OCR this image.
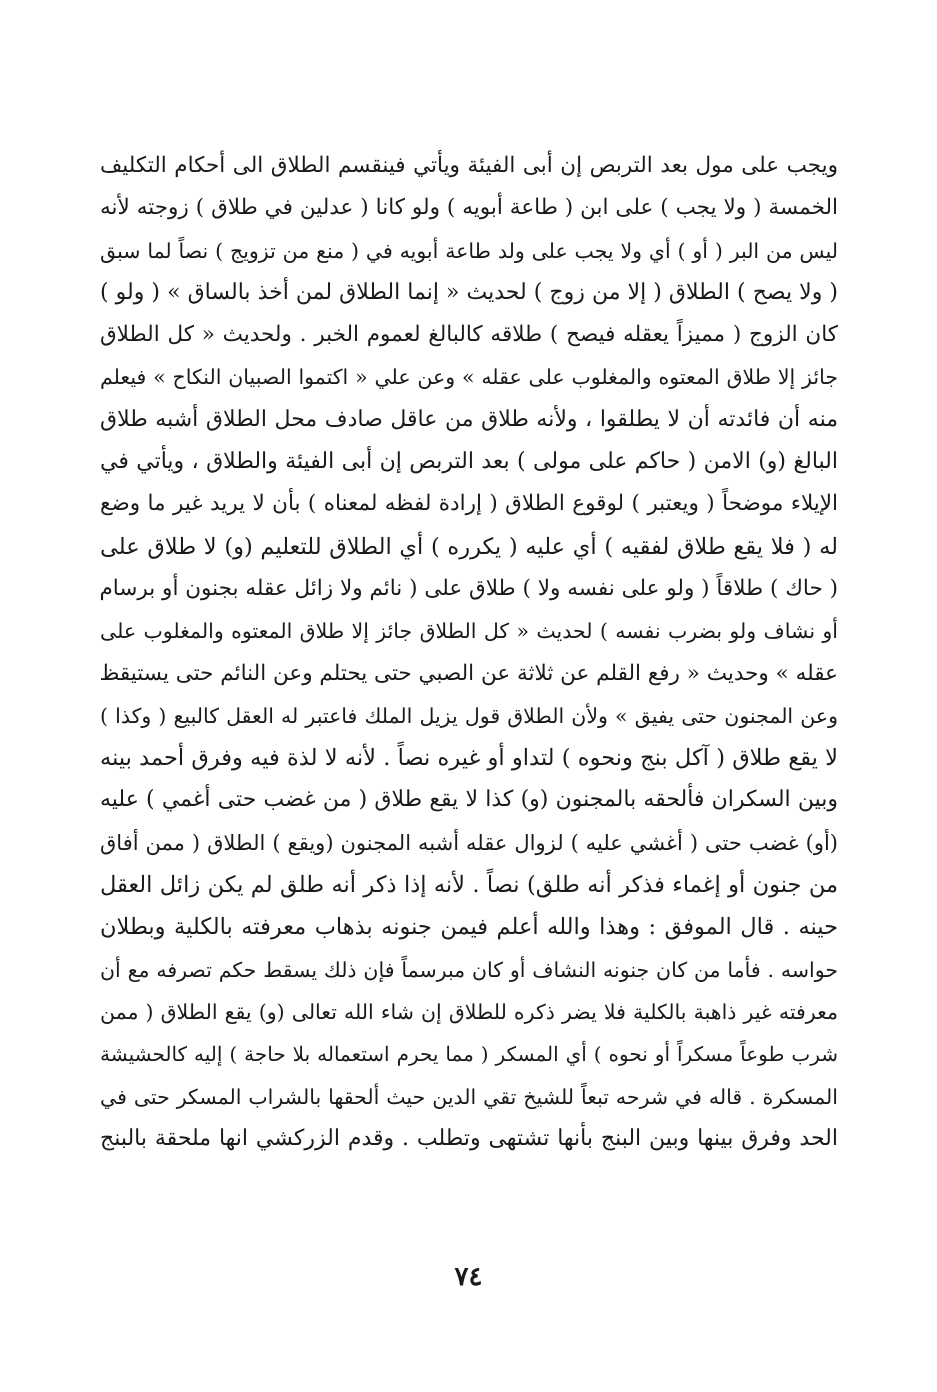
ويجب على مول بعد التربص إن أبى الفيئة ويأتي فينقسم الطلاق الى أحكام التكليف
الخمسة ( ولا يجب ) على ابن ( طاعة أبويه ) ولو كانا ( عدلين في طلاق ) زوجته لأنه
ليس من البر ( أو ) أي ولا يجب على ولد طاعة أبويه في ( منع من تزويج ) نصاً لما سبق
( ولا يصح ) الطلاق ( إلا من زوج ) لحديث « إنما الطلاق لمن أخذ بالساق » ( ولو )
كان الزوج ( مميزاً يعقله فيصح ) طلاقه كالبالغ لعموم الخبر . ولحديث « كل الطلاق
جائز إلا طلاق المعتوه والمغلوب على عقله » وعن علي « اكتموا الصبيان النكاح » فيعلم
منه أن فائدته أن لا يطلقوا ، ولأنه طلاق من عاقل صادف محل الطلاق أشبه طلاق
البالغ (و) الامن ( حاكم على مولى ) بعد التربص إن أبى الفيئة والطلاق ، ويأتي في
الإيلاء موضحاً ( ويعتبر ) لوقوع الطلاق ( إرادة لفظه لمعناه ) بأن لا يريد غير ما وضع
له ( فلا يقع طلاق لفقيه ) أي عليه ( يكرره ) أي الطلاق للتعليم (و) لا طلاق على
( حاك ) طلاقاً ( ولو على نفسه ولا ) طلاق على ( نائم ولا زائل عقله بجنون أو برسام
أو نشاف ولو بضرب نفسه ) لحديث « كل الطلاق جائز إلا طلاق المعتوه والمغلوب على
عقله » وحديث « رفع القلم عن ثلاثة عن الصبي حتى يحتلم وعن النائم حتى يستيقظ
وعن المجنون حتى يفيق » ولأن الطلاق قول يزيل الملك فاعتبر له العقل كالبيع ( وكذا )
لا يقع طلاق ( آكل بنج ونحوه ) لتداو أو غيره نصاً . لأنه لا لذة فيه وفرق أحمد بينه
وبين السكران فألحقه بالمجنون (و) كذا لا يقع طلاق ( من غضب حتى أغمي ) عليه
(أو) غضب حتى ( أغشي عليه ) لزوال عقله أشبه المجنون (ويقع ) الطلاق ( ممن أفاق
من جنون أو إغماء فذكر أنه طلق) نصاً . لأنه إذا ذكر أنه طلق لم يكن زائل العقل
حينه . قال الموفق : وهذا والله أعلم فيمن جنونه بذهاب معرفته بالكلية وبطلان
حواسه . فأما من كان جنونه النشاف أو كان مبرسماً فإن ذلك يسقط حكم تصرفه مع أن
معرفته غير ذاهبة بالكلية فلا يضر ذكره للطلاق إن شاء الله تعالى (و) يقع الطلاق ( ممن
شرب طوعاً مسكراً أو نحوه ) أي المسكر ( مما يحرم استعماله بلا حاجة ) إليه كالحشيشة
المسكرة . قاله في شرحه تبعاً للشيخ تقي الدين حيث ألحقها بالشراب المسكر حتى في
الحد وفرق بينها وبين البنج بأنها تشتهى وتطلب . وقدم الزركشي انها ملحقة بالبنج
٧٤
